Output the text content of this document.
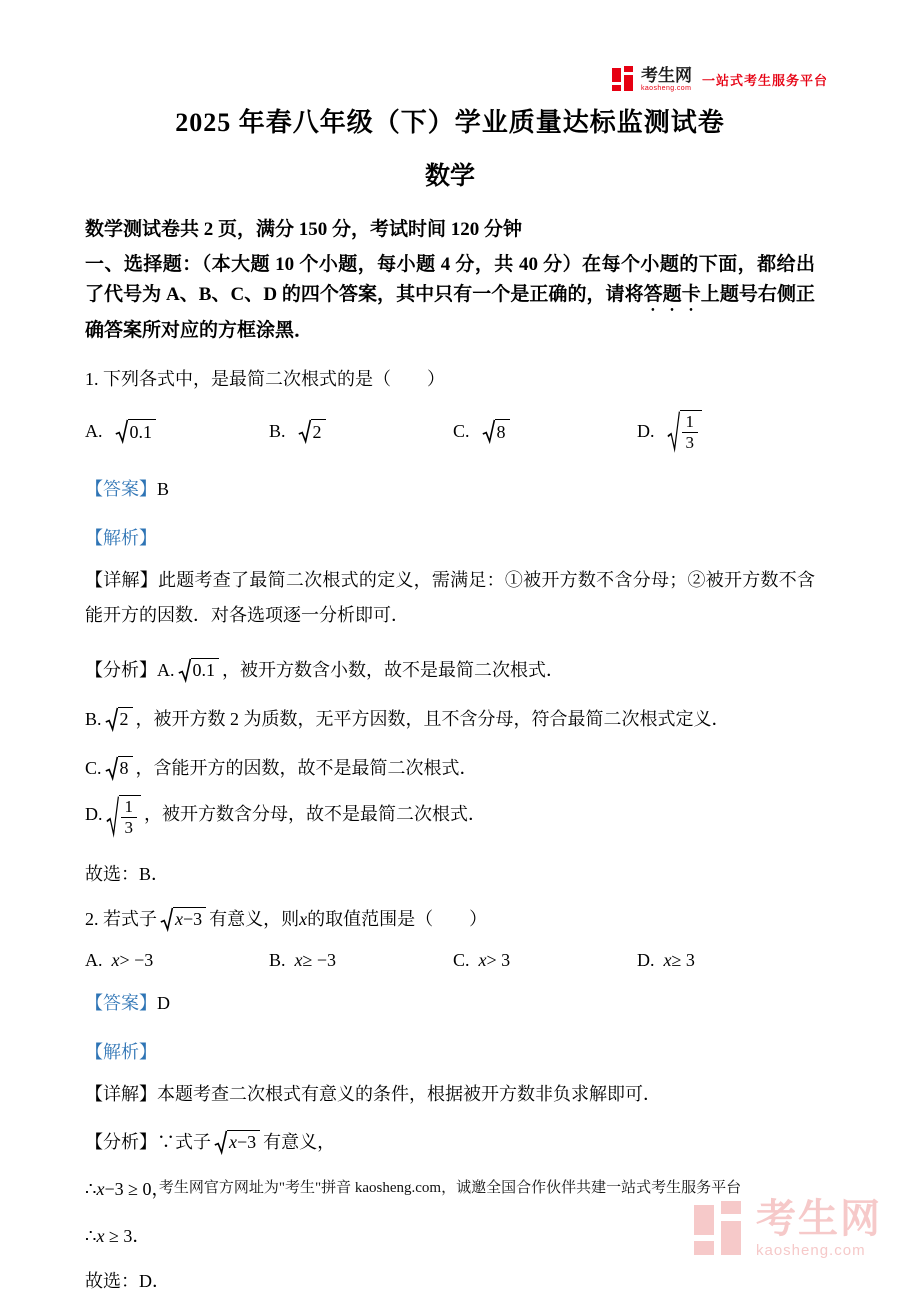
考生网
kaosheng.com
一站式考生服务平台
2025 年春八年级（下）学业质量达标监测试卷
数学

数学测试卷共 2 页，满分 150 分，考试时间 120 分钟

一、选择题：（本大题 10 个小题，每小题 4 分，共 40 分）在每个小题的下面，都给出了代号为 A、B、C、D 的四个答案，其中只有一个是正确的，请将答题卡上题号右侧正确答案所对应的方框涂黑．

1. 下列各式中，是最简二次根式的是（　　）

A. 0.1	B. 2	C. 8	D. $\frac{1}{3}$

【答案】B

【解析】

【详解】此题考查了最简二次根式的定义，需满足：①被开方数不含分母；②被开方数不含能开方的因数．对各选项逐一分析即可．

【分析】A. 0.1 ，被开方数含小数，故不是最简二次根式．

B. 2 ，被开方数 2 为质数，无平方因数，且不含分母，符合最简二次根式定义．

C. 8 ，含能开方的因数，故不是最简二次根式．

D. $\frac{1}{3}$ ，被开方数含分母，故不是最简二次根式．

故选：B．

2. 若式子 x −3 有意义，则x的取值范围是（　　）

A. x > −3	B. x ≥ −3	C. x > 3	D. x ≥ 3

【答案】D

【解析】

【详解】本题考查二次根式有意义的条件，根据被开方数非负求解即可．

【分析】∵式子 x −3 有意义，

∴x−3 ≥ 0，

∴x ≥ 3．

故选：D．

考生网官方网址为"考生"拼音 kaosheng.com，诚邀全国合作伙伴共建一站式考生服务平台
考生网
kaosheng.com
